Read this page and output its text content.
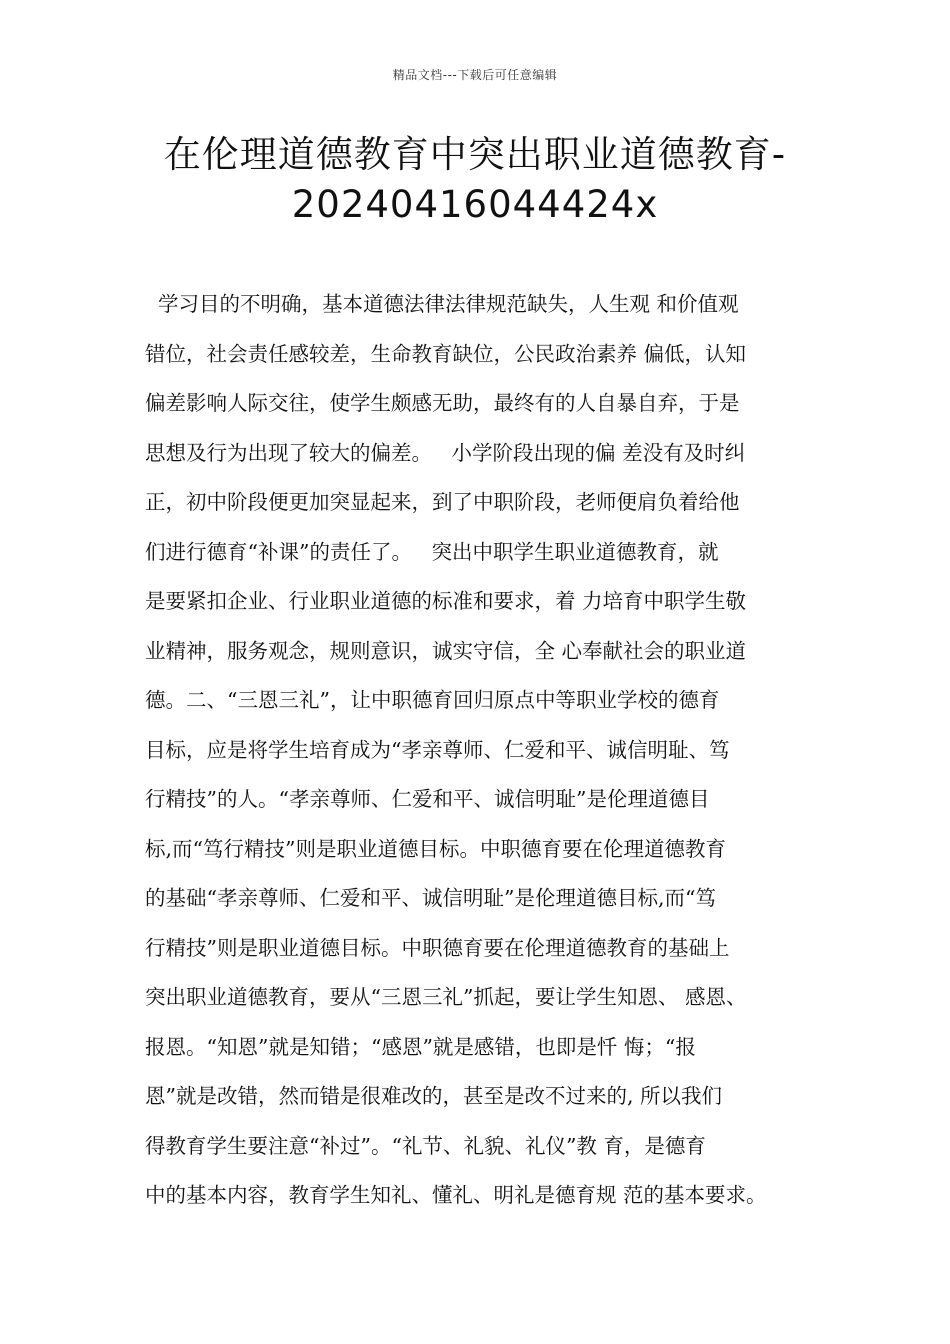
精品文档---下载后可任意编辑
在伦理道德教育中突出职业道德教育-
20240416044424x
学习目的不明确，基本道德法律法律规范缺失，人生观 和价值观
错位，社会责任感较差，生命教育缺位，公民政治素养 偏低，认知
偏差影响人际交往，使学生颇感无助，最终有的人自暴自弃，于是
思想及行为出现了较大的偏差。   小学阶段出现的偏 差没有及时纠
正，初中阶段便更加突显起来，到了中职阶段，老师便肩负着给他
们进行德育“补课”的责任了。   突出中职学生职业道德教育，就
是要紧扣企业、行业职业道德的标准和要求，着 力培育中职学生敬
业精神，服务观念，规则意识，诚实守信，全 心奉献社会的职业道
德。二、“三恩三礼”，让中职德育回归原点中等职业学校的德育
目标，应是将学生培育成为“孝亲尊师、仁爱和平、诚信明耻、笃
行精技”的人。“孝亲尊师、仁爱和平、诚信明耻”是伦理道德目
标,而“笃行精技”则是职业道德目标。中职德育要在伦理道德教育
的基础“孝亲尊师、仁爱和平、诚信明耻”是伦理道德目标,而“笃
行精技”则是职业道德目标。中职德育要在伦理道德教育的基础上
突出职业道德教育，要从“三恩三礼”抓起，要让学生知恩、 感恩、
报恩。“知恩”就是知错；“感恩”就是感错，也即是忏 悔；“报
恩”就是改错，然而错是很难改的，甚至是改不过来的, 所以我们
得教育学生要注意“补过”。“礼节、礼貌、礼仪”教 育，是德育
中的基本内容，教育学生知礼、懂礼、明礼是德育规 范的基本要求。
